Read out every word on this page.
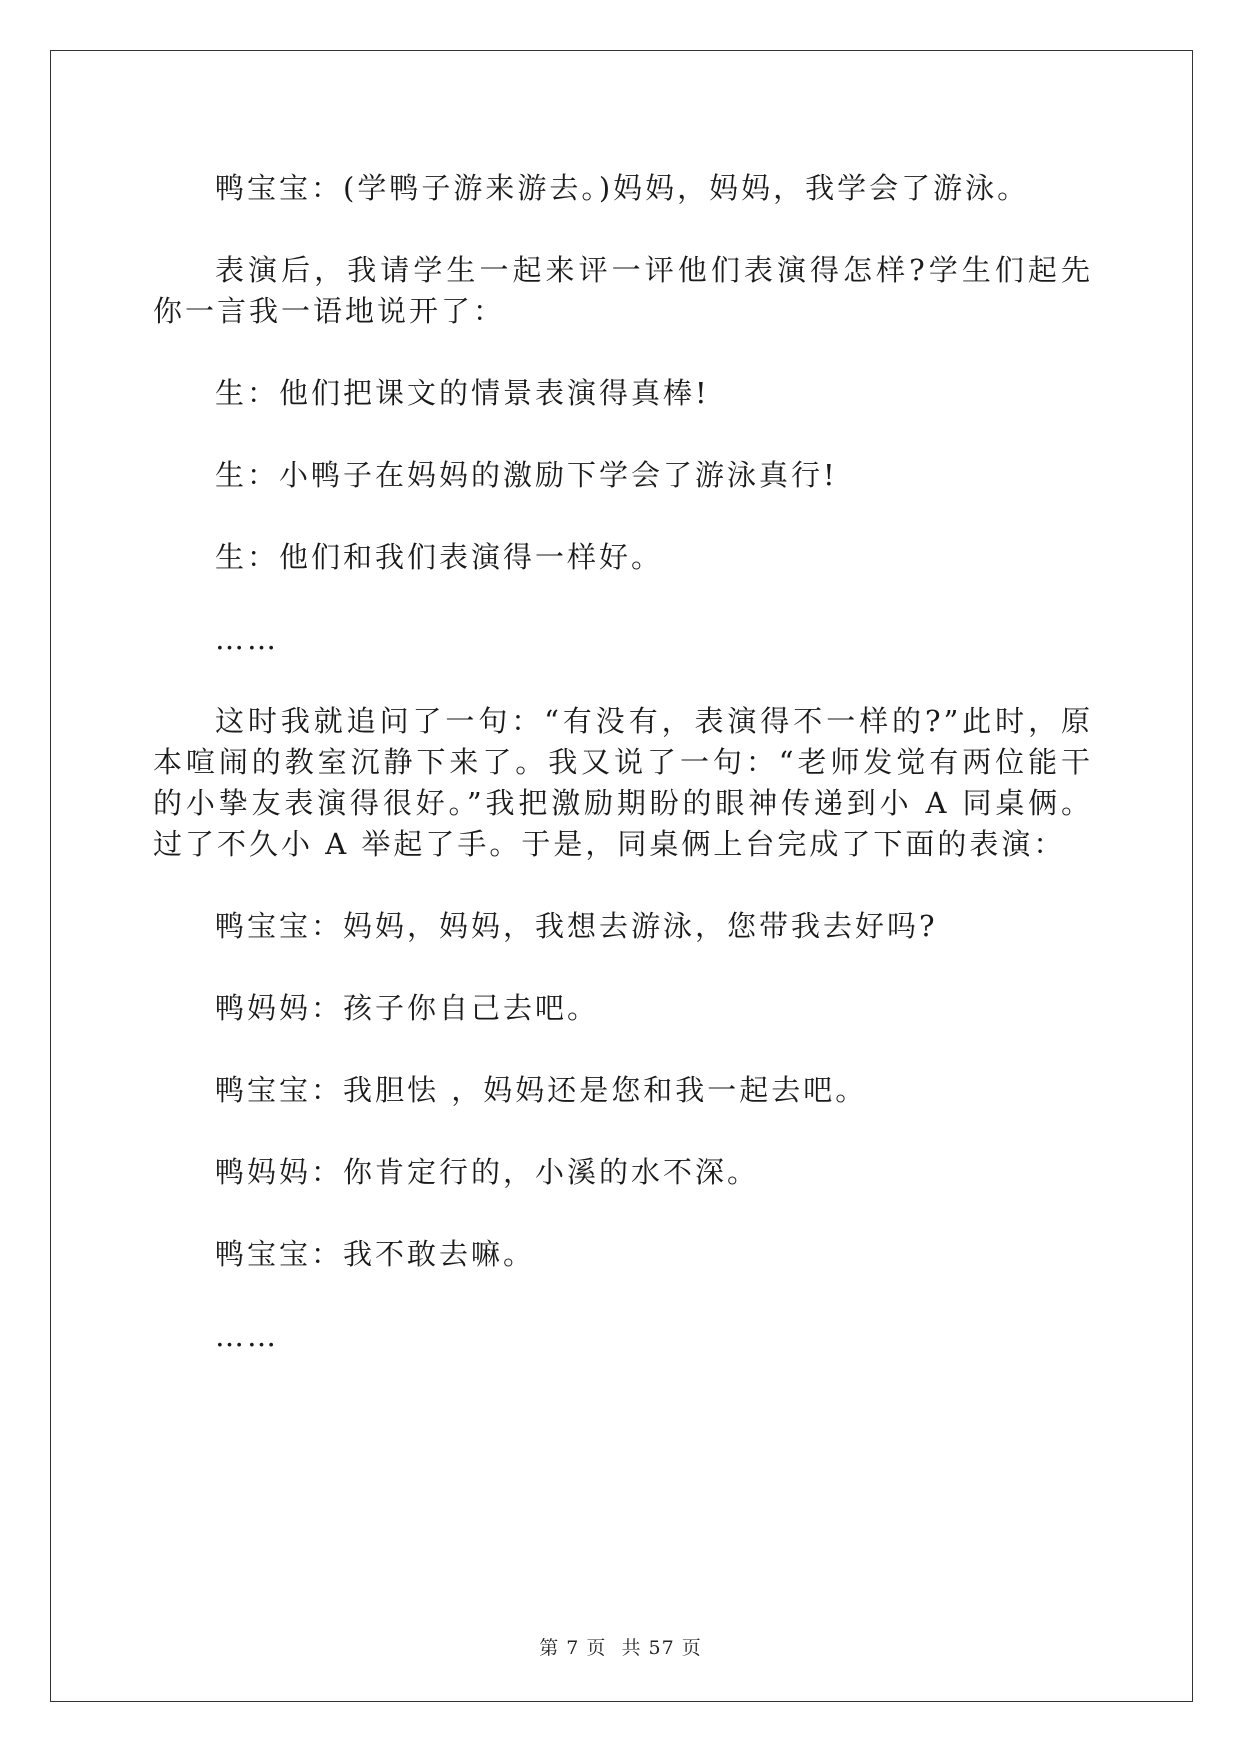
鸭宝宝：(学鸭子游来游去。)妈妈，妈妈，我学会了游泳。

表演后，我请学生一起来评一评他们表演得怎样?学生们起先你一言我一语地说开了：

生：他们把课文的情景表演得真棒!

生：小鸭子在妈妈的激励下学会了游泳真行!

生：他们和我们表演得一样好。

……

这时我就追问了一句：“有没有，表演得不一样的?”此时，原本喧闹的教室沉静下来了。我又说了一句：“老师发觉有两位能干的小挚友表演得很好。”我把激励期盼的眼神传递到小 A 同桌俩。过了不久小 A 举起了手。于是，同桌俩上台完成了下面的表演：

鸭宝宝：妈妈，妈妈，我想去游泳，您带我去好吗?

鸭妈妈：孩子你自己去吧。

鸭宝宝：我胆怯 ，妈妈还是您和我一起去吧。

鸭妈妈：你肯定行的，小溪的水不深。

鸭宝宝：我不敢去嘛。

……

第 7 页 共 57 页
